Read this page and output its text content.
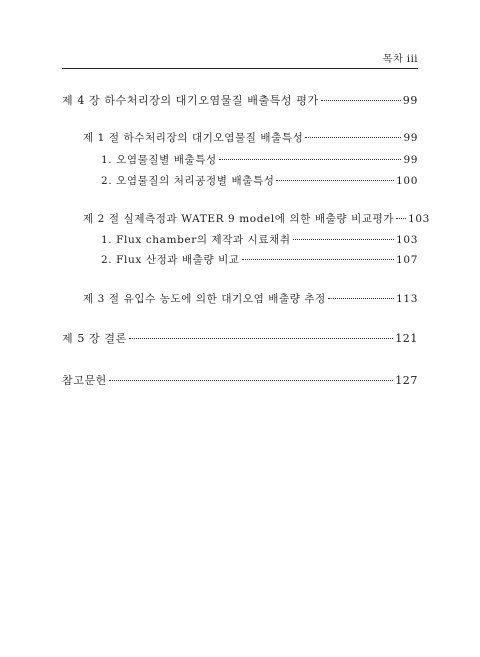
목차 iii
제 4 장 하수처리장의 대기오염물질 배출특성 평가	99
제 1 절 하수처리장의 대기오염물질 배출특성	99
1. 오염물질별 배출특성	99
2. 오염물질의 처리공정별 배출특성	100
제 2 절 실제측정과 WATER 9 model에 의한 배출량 비교평가 103
1. Flux chamber의 제작과 시료채취	103
2. Flux 산정과 배출량 비교	107
제 3 절 유입수 농도에 의한 대기오염 배출량 추정	113
제 5 장 결론	121
참고문헌	127
